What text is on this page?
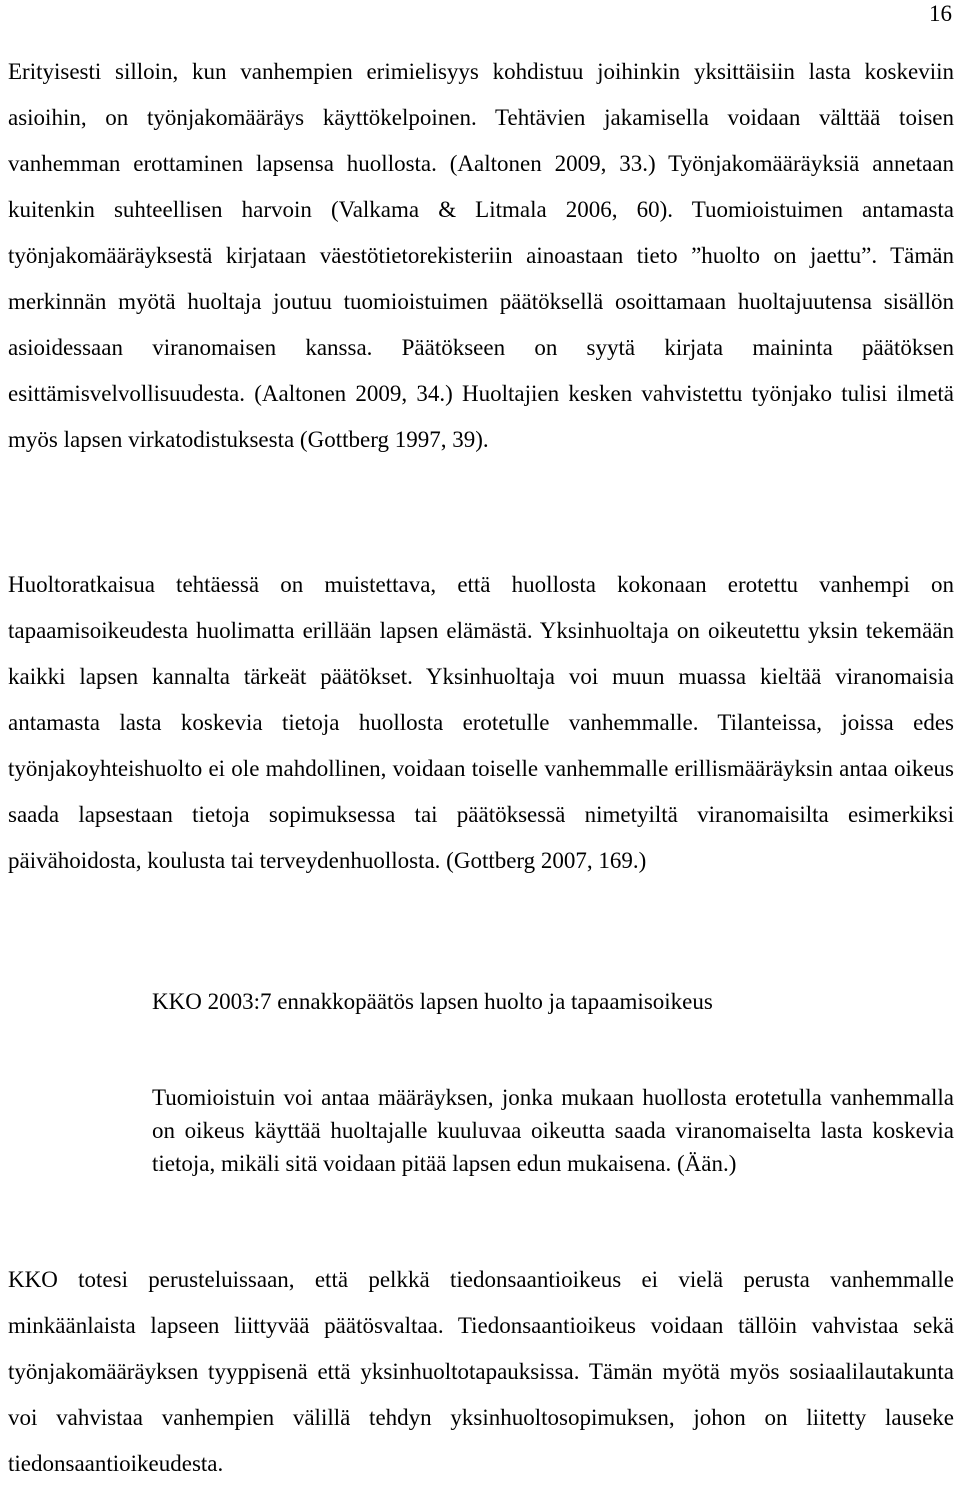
16

Erityisesti silloin, kun vanhempien erimielisyys kohdistuu joihinkin yksittäisiin lasta koskeviin asioihin, on työnjakomääräys käyttökelpoinen. Tehtävien jakamisella voidaan välttää toisen vanhemman erottaminen lapsensa huollosta. (Aaltonen 2009, 33.) Työnjakomääräyksiä annetaan kuitenkin suhteellisen harvoin (Valkama & Litmala 2006, 60). Tuomioistuimen antamasta työnjakomääräyksestä kirjataan väestötietorekisteriin ainoastaan tieto ”huolto on jaettu”. Tämän merkinnän myötä huoltaja joutuu tuomioistuimen päätöksellä osoittamaan huoltajuutensa sisällön asioidessaan viranomaisen kanssa. Päätökseen on syytä kirjata maininta päätöksen esittämisvelvollisuudesta. (Aaltonen 2009, 34.) Huoltajien kesken vahvistettu työnjako tulisi ilmetä myös lapsen virkatodistuksesta (Gottberg 1997, 39).

Huoltoratkaisua tehtäessä on muistettava, että huollosta kokonaan erotettu vanhempi on tapaamisoikeudesta huolimatta erillään lapsen elämästä. Yksinhuoltaja on oikeutettu yksin tekemään kaikki lapsen kannalta tärkeät päätökset. Yksinhuoltaja voi muun muassa kieltää viranomaisia antamasta lasta koskevia tietoja huollosta erotetulle vanhemmalle. Tilanteissa, joissa edes työnjakoyhteishuolto ei ole mahdollinen, voidaan toiselle vanhemmalle erillismääräyksin antaa oikeus saada lapsestaan tietoja sopimuksessa tai päätöksessä nimetyiltä viranomaisilta esimerkiksi päivähoidosta, koulusta tai terveydenhuollosta. (Gottberg 2007, 169.)

KKO 2003:7 ennakkopäätös lapsen huolto ja tapaamisoikeus

Tuomioistuin voi antaa määräyksen, jonka mukaan huollosta erotetulla vanhemmalla on oikeus käyttää huoltajalle kuuluvaa oikeutta saada viranomaiselta lasta koskevia tietoja, mikäli sitä voidaan pitää lapsen edun mukaisena. (Ään.)

KKO totesi perusteluissaan, että pelkkä tiedonsaantioikeus ei vielä perusta vanhemmalle minkäänlaista lapseen liittyvää päätösvaltaa. Tiedonsaantioikeus voidaan tällöin vahvistaa sekä työnjakomääräyksen tyyppisenä että yksinhuoltotapauksissa. Tämän myötä myös sosiaalilautakunta voi vahvistaa vanhempien välillä tehdyn yksinhuoltosopimuksen, johon on liitetty lauseke tiedonsaantioikeudesta.
